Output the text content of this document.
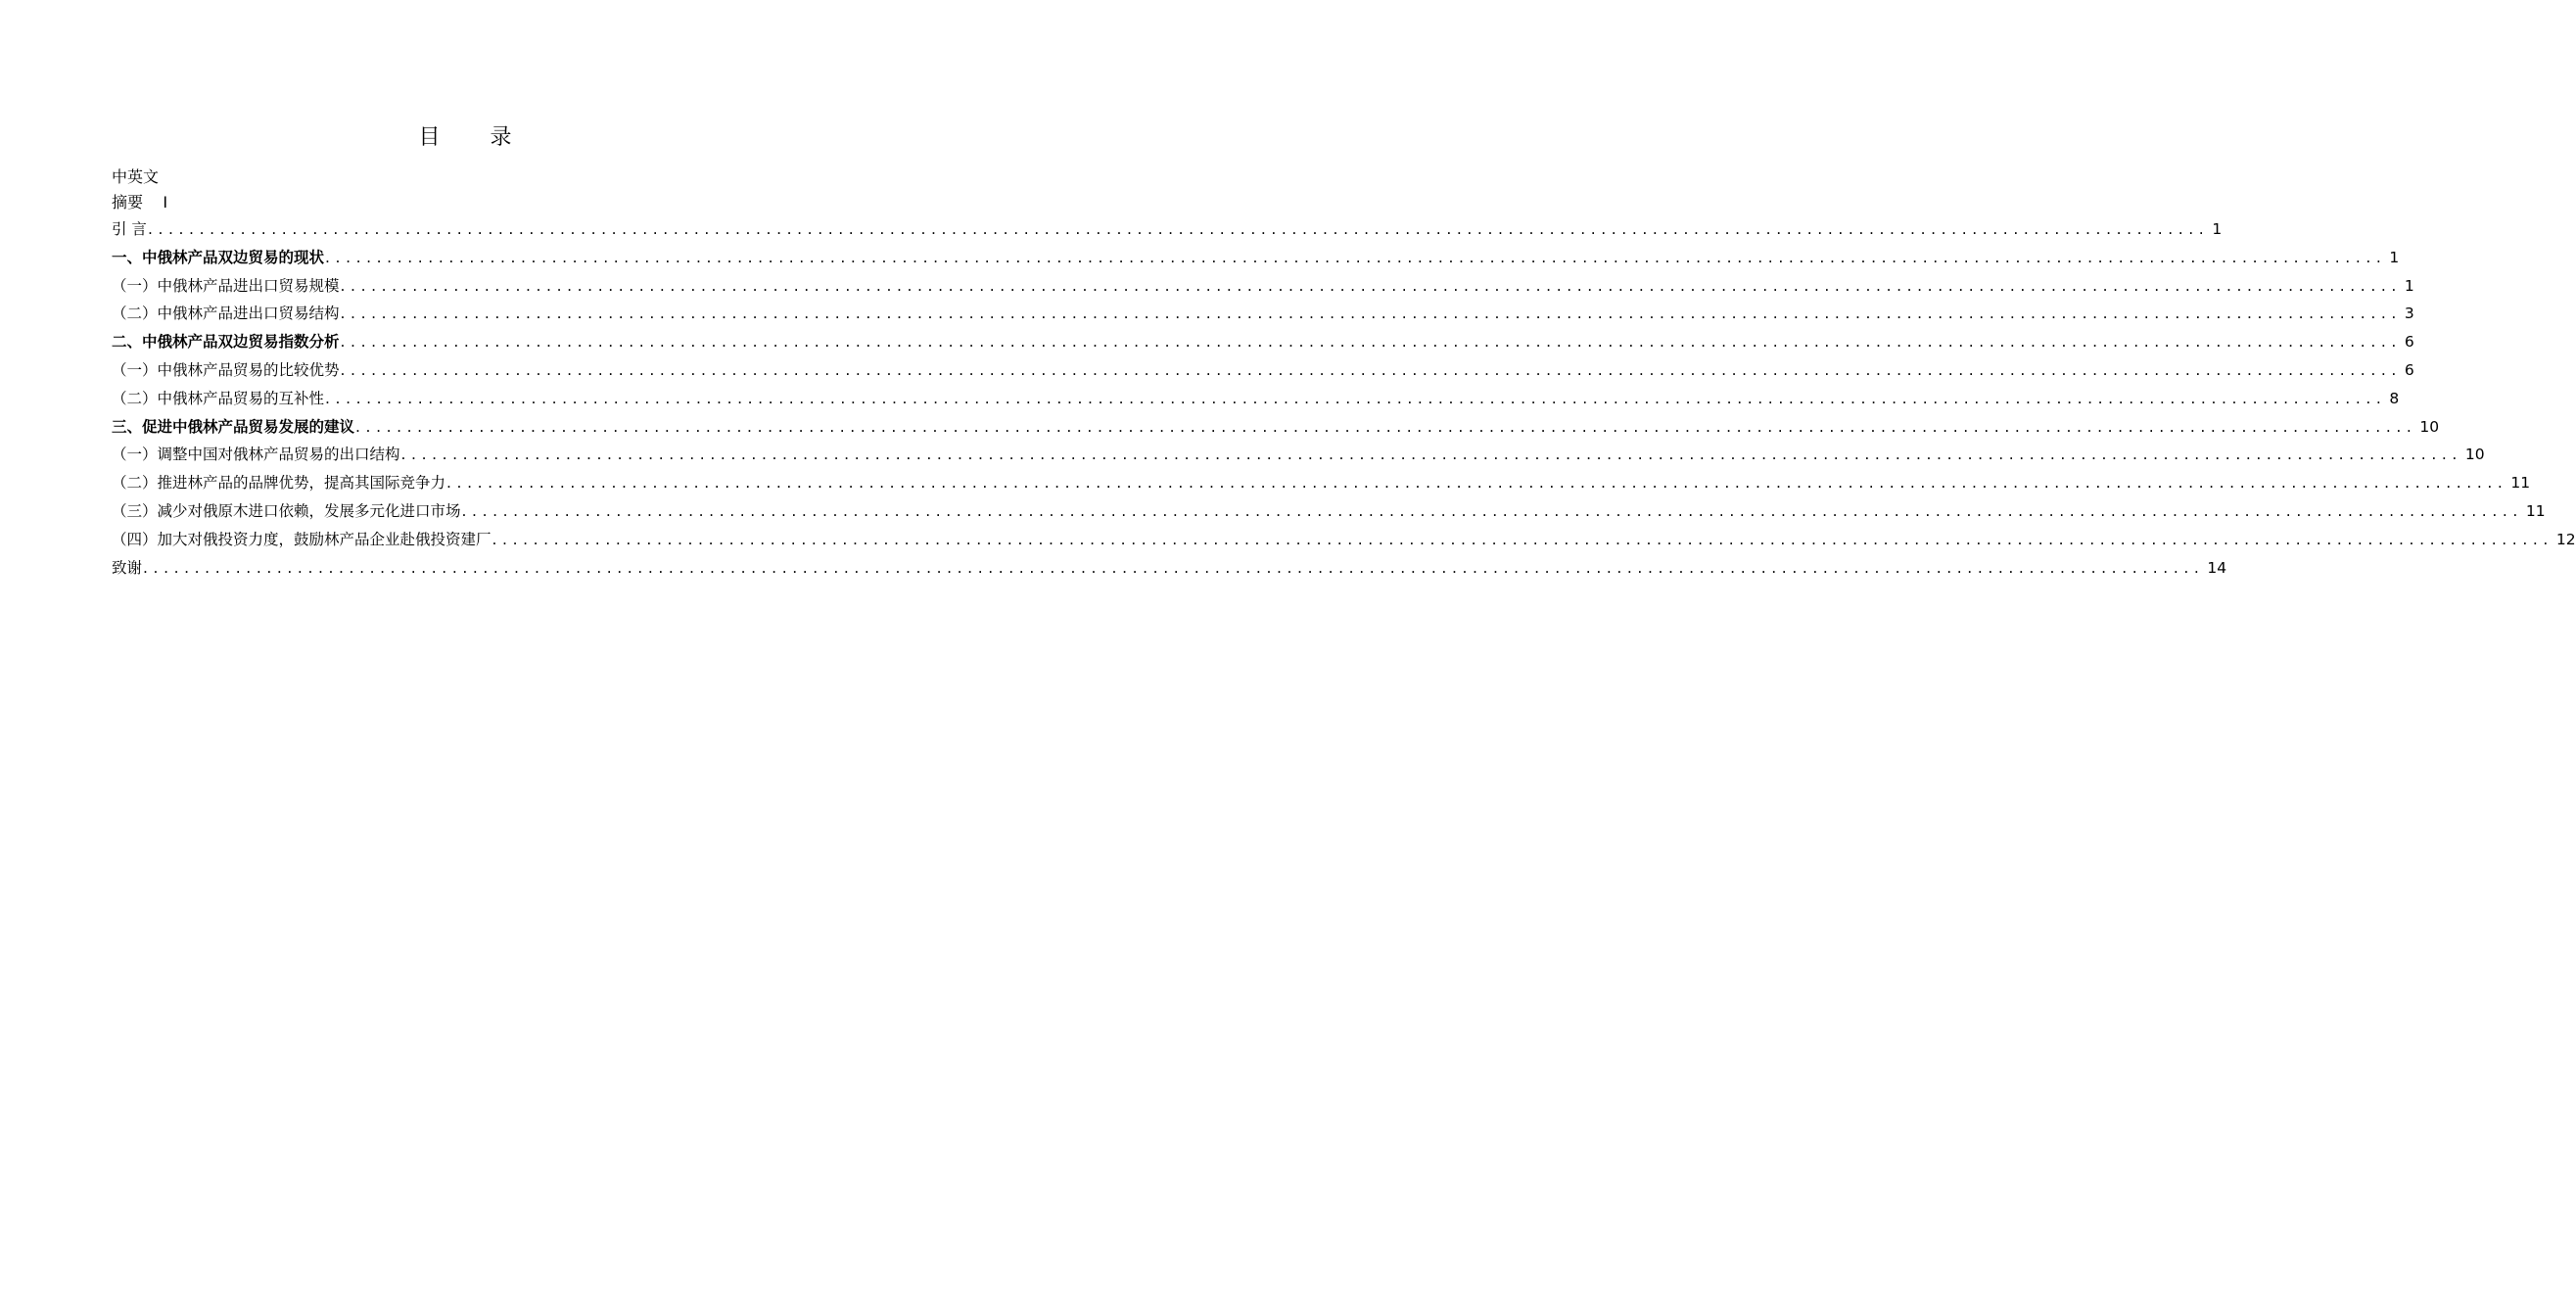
目 录
中英文
摘要    Ⅰ
引 言 ........................................................................................................................................................................................................ 1
一、中俄林产品双边贸易的现状 ........................................................................................................................................................................................................ 1
（一）中俄林产品进出口贸易规模 ........................................................................................................................................................................................................ 1
（二）中俄林产品进出口贸易结构 ........................................................................................................................................................................................................ 3
二、中俄林产品双边贸易指数分析 ........................................................................................................................................................................................................ 6
（一）中俄林产品贸易的比较优势 ........................................................................................................................................................................................................ 6
（二）中俄林产品贸易的互补性 ........................................................................................................................................................................................................ 8
三、促进中俄林产品贸易发展的建议 ........................................................................................................................................................................................................ 10
（一）调整中国对俄林产品贸易的出口结构 ........................................................................................................................................................................................................ 10
（二）推进林产品的品牌优势，提高其国际竞争力 ........................................................................................................................................................................................................ 11
（三）减少对俄原木进口依赖，发展多元化进口市场 ........................................................................................................................................................................................................ 11
（四）加大对俄投资力度，鼓励林产品企业赴俄投资建厂 ........................................................................................................................................................................................................ 12
致谢 ........................................................................................................................................................................................................ 14
